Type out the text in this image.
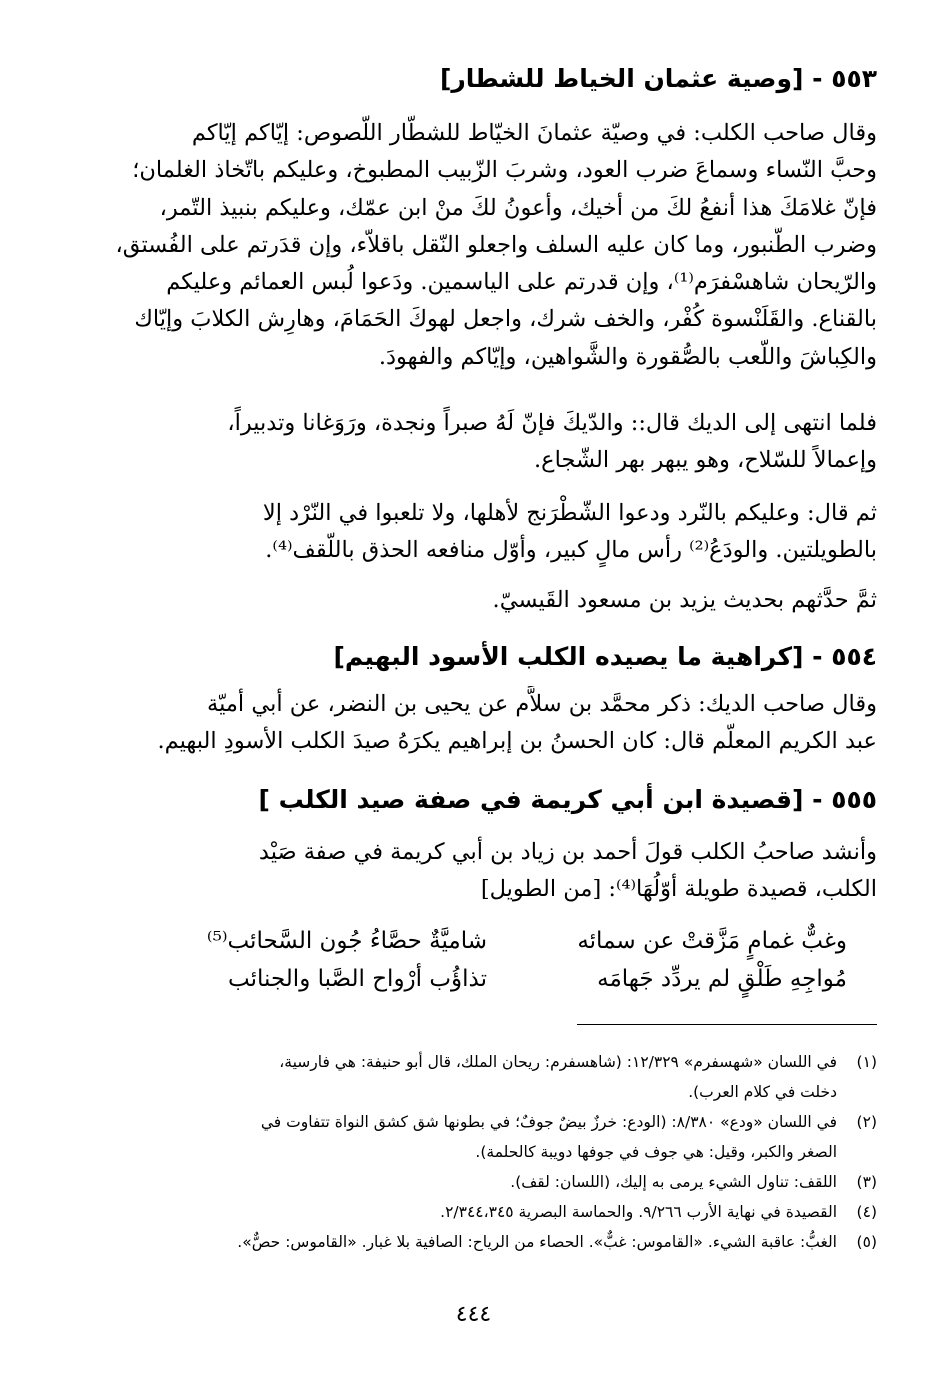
٥٥٣ - [وصية عثمان الخياط للشطار]
وقال صاحب الكلب: في وصيّة عثمانَ الخيّاط للشطّار اللّصوص: إيّاكم إيّاكم
وحبَّ النّساء وسماعَ ضرب العود، وشربَ الزّبيب المطبوخ، وعليكم باتّخاذ الغلمان؛
فإنّ غلامَكَ هذا أنفعُ لكَ من أخيك، وأعونُ لكَ منْ ابن عمّك، وعليكم بنبيذ التّمر،
وضرب الطُّنبور، وما كان عليه السلف واجعلو النّقل باقلاّء، وإن قدَرتم على الفُستق،
والرّيحان شاهسْفرَم⁽¹⁾، وإن قدرتم على الياسمين. ودَعوا لُبس العمائم وعليكم
بالقناع. والقَلَنْسوة كُفْر، والخف شرك، واجعل لهوكَ الحَمَامَ، وهارِش الكلابَ وإيّاك
والكِباشَ واللّعب بالصُّقورة والشَّواهين، وإيّاكم والفهودَ.
فلما انتهى إلى الديك قال:: والدّيكَ فإنّ لَهُ صبراً ونجدة، ورَوَغانا وتدبيراً،
وإعمالاً للسّلاح، وهو يبهر بهر الشّجاع.
ثم قال: وعليكم بالنّرد ودعوا الشّطْرَنج لأهلها، ولا تلعبوا في النّرْد إلا
بالطويلتين. والودَعُ⁽²⁾ رأس مالٍ كبير، وأوّل منافعه الحذق باللّقف⁽⁴⁾.
ثمَّ حدَّثهم بحديث يزيد بن مسعود القَيسيّ.
٥٥٤ - [كراهية ما يصيده الكلب الأسود البهيم]
وقال صاحب الديك: ذكر محمَّد بن سلاَّم عن يحيى بن النضر، عن أبي أميّة
عبد الكريم المعلّم قال: كان الحسنُ بن إبراهيم يكرَهُ صيدَ الكلب الأسودِ البهيم.
٥٥٥ - [قصيدة ابن أبي كريمة في صفة صيد الكلب ]
وأنشد صاحبُ الكلب قولَ أحمد بن زياد بن أبي كريمة في صفة صَيْد
الكلب، قصيدة طويلة أوّلُهَا⁽⁴⁾: [من الطويل]
وغبٌّ غمامٍ مَزَّقتْ عن سمائه
شاميَّةٌ حصَّاءُ جُون السَّحائب⁽⁵⁾
مُواجِهِ طَلْقٍ لم يردِّد جَهامَه
تذاؤُب أرْواح الصَّبا والجنائب
(١)في اللسان «شهسفرم» ١٢/٣٢٩: (شاهسفرم: ريحان الملك، قال أبو حنيفة: هي فارسية،
دخلت في كلام العرب).
(٢)في اللسان «ودع» ٨/٣٨٠: (الودع: خرزٌ بيضٌ جوفٌ؛ في بطونها شق كشق النواة تتفاوت في
الصغر والكبر، وقيل: هي جوف في جوفها دويبة كالحلمة).
(٣)اللقف: تناول الشيء يرمى به إليك، (اللسان: لقف).
(٤)القصيدة في نهاية الأرب ٩/٢٦٦. والحماسة البصرية ٢/٣٤٤،٣٤٥.
(٥)الغبُّ: عاقبة الشيء. «القاموس: غبٌّ». الحصاء من الرياح: الصافية بلا غبار. «القاموس: حصٌّ».
٤٤٤
